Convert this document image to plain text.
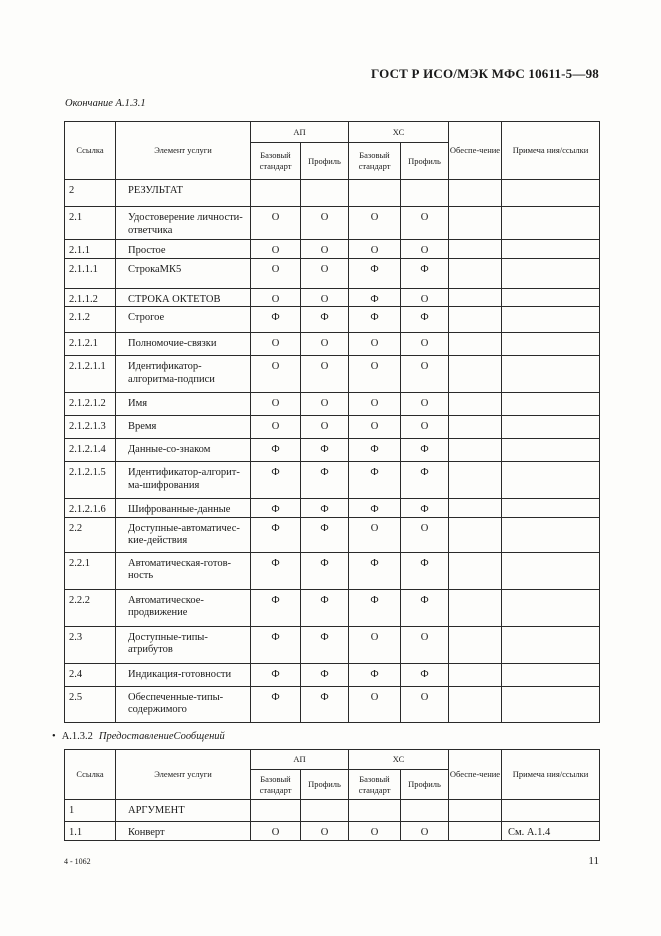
ГОСТ Р ИСО/МЭК МФС 10611-5—98
Окончание А.1.3.1
Ссылка	Элемент услуги	АП		ХС		Обеспе-чение	Примеча ния/ссылки
		Базовый стандарт	Профиль	Базовый стандарт	Профиль		
2	РЕЗУЛЬТАТ						
2.1	Удостоверение личности-ответчика	О	О	О	О		
2.1.1	Простое	О	О	О	О		
2.1.1.1	СтрокаМК5	О	О	Ф	Ф		
2.1.1.2	СТРОКА ОКТЕТОВ	О	О	Ф	О		
2.1.2	Строгое	Ф	Ф	Ф	Ф		
2.1.2.1	Полномочие-связки	О	О	О	О		
2.1.2.1.1	Идентификатор-алгоритма-подписи	О	О	О	О		
2.1.2.1.2	Имя	О	О	О	О		
2.1.2.1.3	Время	О	О	О	О		
2.1.2.1.4	Данные-со-знаком	Ф	Ф	Ф	Ф		
2.1.2.1.5	Идентификатор-алгорит-ма-шифрования	Ф	Ф	Ф	Ф		
2.1.2.1.6	Шифрованные-данные	Ф	Ф	Ф	Ф		
2.2	Доступные-автоматичес-кие-действия	Ф	Ф	О	О		
2.2.1	Автоматическая-готов-ность	Ф	Ф	Ф	Ф		
2.2.2	Автоматическое-продвижение	Ф	Ф	Ф	Ф		
2.3	Доступные-типы-атрибутов	Ф	Ф	О	О		
2.4	Индикация-готовности	Ф	Ф	Ф	Ф		
2.5	Обеспеченные-типы-содержимого	Ф	Ф	О	О		
• А.1.3.2 ПредоставлениеСообщений
Ссылка	Элемент услуги	АП		ХС		Обеспе-чение	Примеча ния/ссылки
		Базовый стандарт	Профиль	Базовый стандарт	Профиль		
1	АРГУМЕНТ						
1.1	Конверт	О	О	О	О		См. А.1.4
4 - 1062	11
